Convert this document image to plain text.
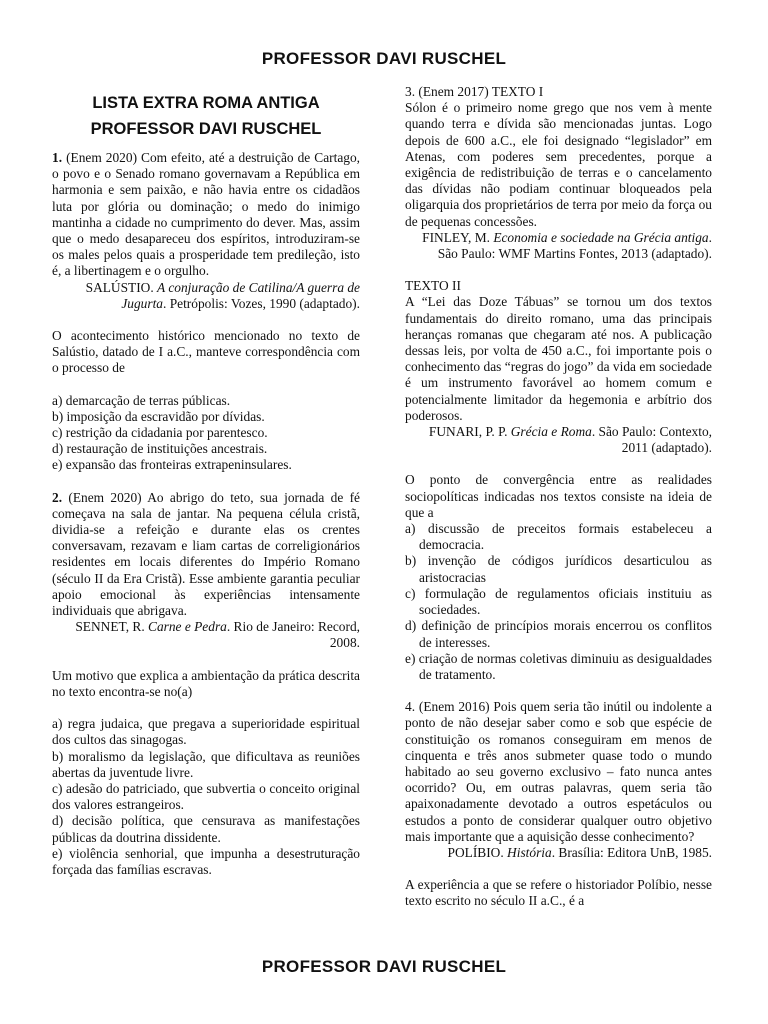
PROFESSOR DAVI RUSCHEL
LISTA EXTRA ROMA ANTIGA
PROFESSOR DAVI RUSCHEL

1. (Enem 2020) Com efeito, até a destruição de Cartago, o povo e o Senado romano governavam a República em harmonia e sem paixão, e não havia entre os cidadãos luta por glória ou dominação; o medo do inimigo mantinha a cidade no cumprimento do dever. Mas, assim que o medo desapareceu dos espíritos, introduziram-se os males pelos quais a prosperidade tem predileção, isto é, a libertinagem e o orgulho.

SALÚSTIO. A conjuração de Catilina/A guerra de Jugurta. Petrópolis: Vozes, 1990 (adaptado).

O acontecimento histórico mencionado no texto de Salústio, datado de I a.C., manteve correspondência com o processo de

a) demarcação de terras públicas.

b) imposição da escravidão por dívidas.

c) restrição da cidadania por parentesco.

d) restauração de instituições ancestrais.

e) expansão das fronteiras extrapeninsulares.

2. (Enem 2020) Ao abrigo do teto, sua jornada de fé começava na sala de jantar. Na pequena célula cristã, dividia-se a refeição e durante elas os crentes conversavam, rezavam e liam cartas de correligionários residentes em locais diferentes do Império Romano (século II da Era Cristã). Esse ambiente garantia peculiar apoio emocional às experiências intensamente individuais que abrigava.

SENNET, R. Carne e Pedra. Rio de Janeiro: Record, 2008.

Um motivo que explica a ambientação da prática descrita no texto encontra-se no(a)

a) regra judaica, que pregava a superioridade espiritual dos cultos das sinagogas.

b) moralismo da legislação, que dificultava as reuniões abertas da juventude livre.

c) adesão do patriciado, que subvertia o conceito original dos valores estrangeiros.

d) decisão política, que censurava as manifestações públicas da doutrina dissidente.

e) violência senhorial, que impunha a desestruturação forçada das famílias escravas.

3. (Enem 2017) TEXTO I

Sólon é o primeiro nome grego que nos vem à mente quando terra e dívida são mencionadas juntas. Logo depois de 600 a.C., ele foi designado “legislador” em Atenas, com poderes sem precedentes, porque a exigência de redistribuição de terras e o cancelamento das dívidas não podiam continuar bloqueados pela oligarquia dos proprietários de terra por meio da força ou de pequenas concessões.

FINLEY, M. Economia e sociedade na Grécia antiga. São Paulo: WMF Martins Fontes, 2013 (adaptado).

TEXTO II

A “Lei das Doze Tábuas” se tornou um dos textos fundamentais do direito romano, uma das principais heranças romanas que chegaram até nos. A publicação dessas leis, por volta de 450 a.C., foi importante pois o conhecimento das “regras do jogo” da vida em sociedade é um instrumento favorável ao homem comum e potencialmente limitador da hegemonia e arbítrio dos poderosos.

FUNARI, P. P. Grécia e Roma. São Paulo: Contexto, 2011 (adaptado).

O ponto de convergência entre as realidades sociopolíticas indicadas nos textos consiste na ideia de que a

a) discussão de preceitos formais estabeleceu a democracia.

b) invenção de códigos jurídicos desarticulou as aristocracias

c) formulação de regulamentos oficiais instituiu as sociedades.

d) definição de princípios morais encerrou os conflitos de interesses.

e) criação de normas coletivas diminuiu as desigualdades de tratamento.

4. (Enem 2016) Pois quem seria tão inútil ou indolente a ponto de não desejar saber como e sob que espécie de constituição os romanos conseguiram em menos de cinquenta e três anos submeter quase todo o mundo habitado ao seu governo exclusivo – fato nunca antes ocorrido? Ou, em outras palavras, quem seria tão apaixonadamente devotado a outros espetáculos ou estudos a ponto de considerar qualquer outro objetivo mais importante que a aquisição desse conhecimento?

POLÍBIO. História. Brasília: Editora UnB, 1985.

A experiência a que se refere o historiador Políbio, nesse texto escrito no século II a.C., é a

PROFESSOR DAVI RUSCHEL
